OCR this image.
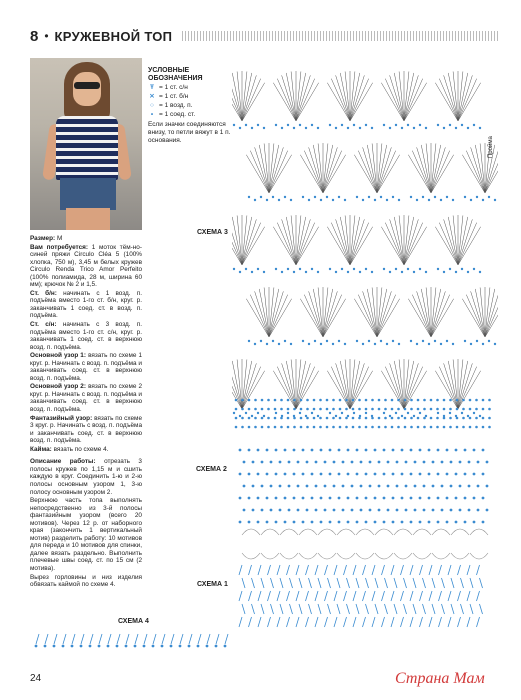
8 • КРУЖЕВНОЙ ТОП
УСЛОВНЫЕ
ОБОЗНАЧЕНИЯ
Ŧ = 1 ст. с/н
⨯ = 1 ст. б/н
○ = 1 возд. п.
• = 1 соед. ст.
Если значки соединяются внизу, то петли вяжут в 1 п. основания.

Размер: М

Вам потребуется: 1 моток тём-но-синей пряжи Circulo Cléa 5 (100% хлопка, 750 м), 3,45 м белых кружев Circulo Renda Trico Amor Perfeito (100% полиамида, 28 м, ширина 60 мм); крючок № 2 и 1,5.

Ст. б/н: начинать с 1 возд. п. подъёма вместо 1-го ст. б/н, круг. р. заканчивать 1 соед. ст. в возд. п. подъёма.

Ст. с/н: начинать с 3 возд. п. подъёма вместо 1-го ст. с/н, круг. р. заканчивать 1 соед. ст. в верхнюю возд. п. подъёма.

Основной узор 1: вязать по схеме 1 круг. р. Начинать с возд. п. подъёма и заканчивать соед. ст. в верхнюю возд. п. подъёма.

Основной узор 2: вязать по схеме 2 круг. р. Начинать с возд. п. подъёма и заканчивать соед. ст. в верхнюю возд. п. подъёма.

Фантазийный узор: вязать по схеме 3 круг. р. Начинать с возд. п. подъёма и заканчивать соед. ст. в верхнюю возд. п. подъёма.

Кайма: вязать по схеме 4.

Описание работы: отрезать 3 полосы кружев по 1,15 м и сшить каждую в круг. Соединить 1-ю и 2-ю полосы основным узором 1, 3-ю полосу основным узором 2.

Верхнюю часть топа выполнять непосредственно из 3-й полосы фантазийным узором (всего 20 мотивов). Через 12 р. от наборного края (закончить 1 вертикальный мотив) разделить работу: 10 мотивов для переда и 10 мотивов для спинки, далее вязать раздельно. Выполнить плечевые швы соед. ст. по 15 см (2 мотива).

Вырез горловины и низ изделия обвязать каймой по схеме 4.

СХЕМА 3
Пройма
СХЕМА 2
СХЕМА 1
СХЕМА 4
24	Страна Мам
